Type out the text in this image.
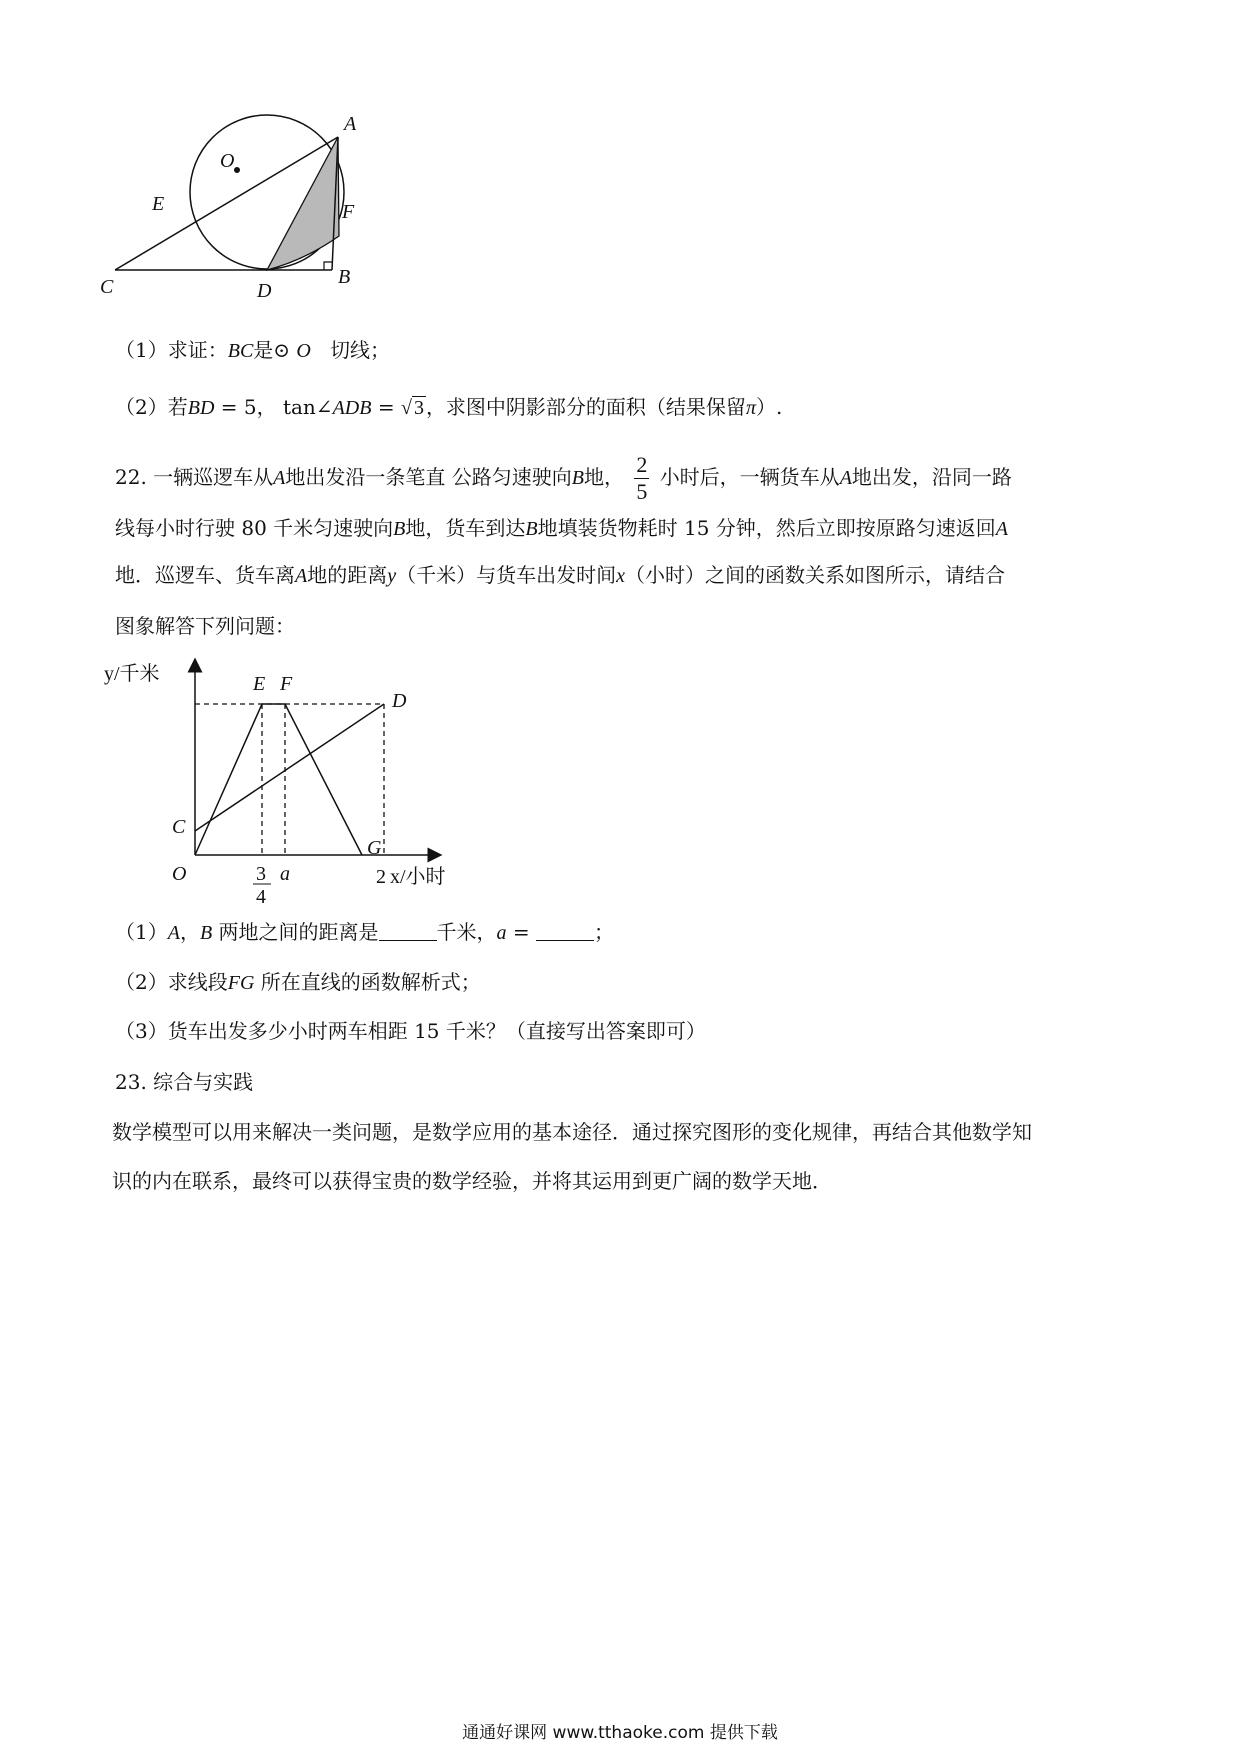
A
O
E	F
B
C	D
（1）求证：BC是⊙ O 切线；
（2）若BD = 5， tan∠ADB = √ 3 ，求图中阴影部分的面积（结果保留π）.
22. 一辆巡逻车从A地出发沿一条笔直 公路匀速驶向B地， $\frac{2}{5}$ 小时后，一辆货车从A地出发，沿同一路
线每小时行驶 80 千米匀速驶向B地，货车到达B地填装货物耗时 15 分钟，然后立即按原路匀速返回A
地．巡逻车、货车离A地的距离y（千米）与货车出发时间x（小时）之间的函数关系如图所示，请结合
图象解答下列问题：
y/千米
x/小时
O
E F
D
C
G
3
4
a	2
（1）A，B 两地之间的距离是	千米，a =	；
（2）求线段FG 所在直线的函数解析式；
（3）货车出发多少小时两车相距 15 千米？（直接写出答案即可）
23. 综合与实践
数学模型可以用来解决一类问题，是数学应用的基本途径．通过探究图形的变化规律，再结合其他数学知
识的内在联系，最终可以获得宝贵的数学经验，并将其运用到更广阔的数学天地．
通通好课网 www.tthaoke.com 提供下载
